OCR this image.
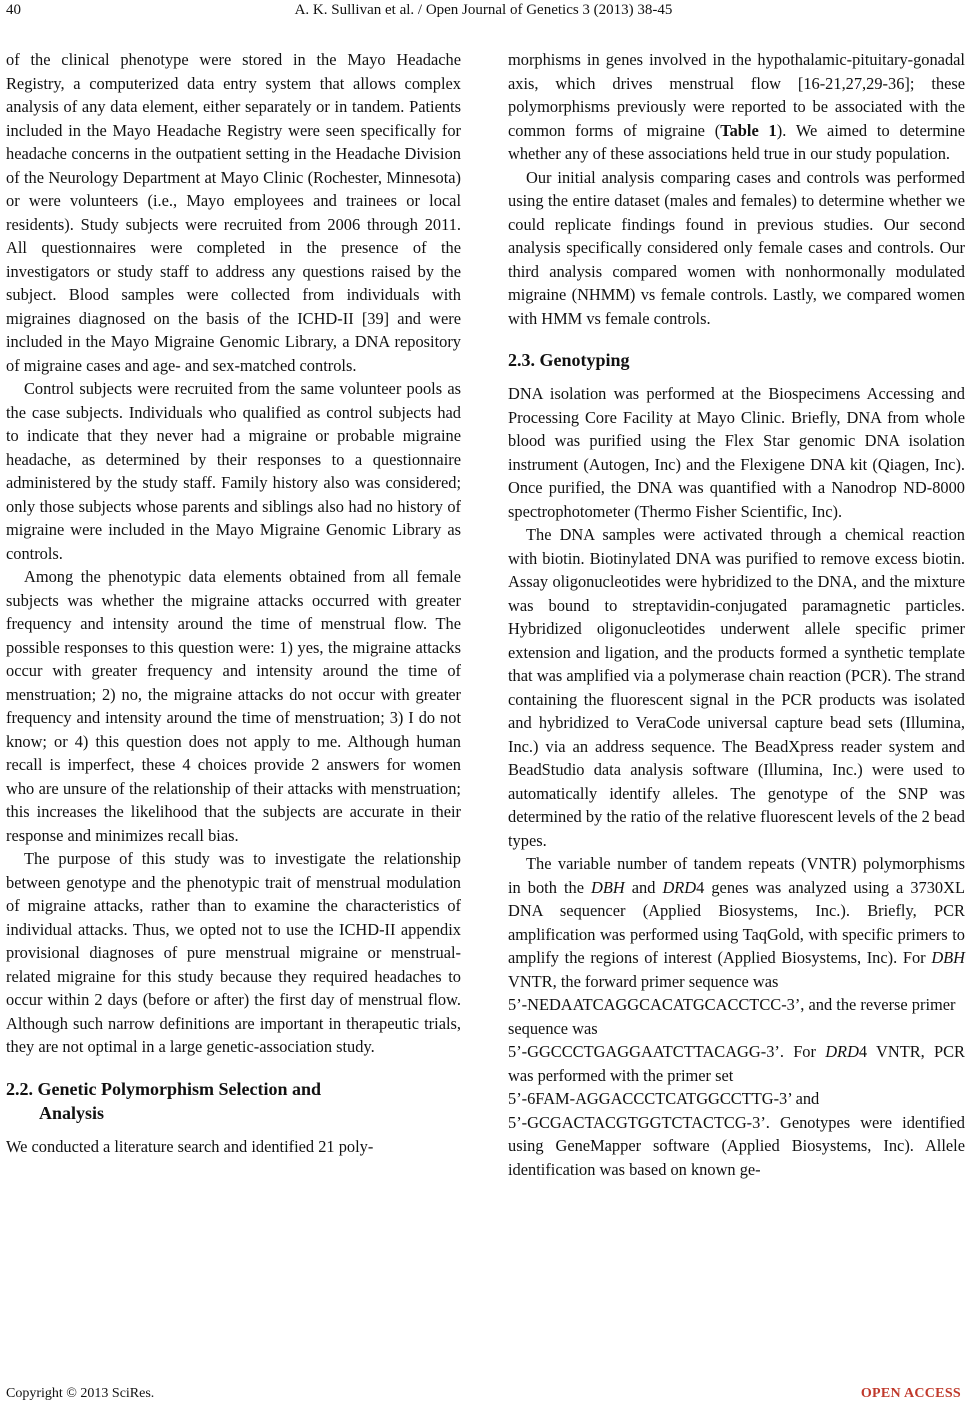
40	A. K. Sullivan et al. / Open Journal of Genetics 3 (2013) 38-45

of the clinical phenotype were stored in the Mayo Headache Registry, a computerized data entry system that allows complex analysis of any data element, either separately or in tandem. Patients included in the Mayo Headache Registry were seen specifically for headache concerns in the outpatient setting in the Headache Division of the Neurology Department at Mayo Clinic (Rochester, Minnesota) or were volunteers (i.e., Mayo employees and trainees or local residents). Study subjects were recruited from 2006 through 2011. All questionnaires were completed in the presence of the investigators or study staff to address any questions raised by the subject. Blood samples were collected from individuals with migraines diagnosed on the basis of the ICHD-II [39] and were included in the Mayo Migraine Genomic Library, a DNA repository of migraine cases and age- and sex-matched controls.

Control subjects were recruited from the same volunteer pools as the case subjects. Individuals who qualified as control subjects had to indicate that they never had a migraine or probable migraine headache, as determined by their responses to a questionnaire administered by the study staff. Family history also was considered; only those subjects whose parents and siblings also had no history of migraine were included in the Mayo Migraine Genomic Library as controls.

Among the phenotypic data elements obtained from all female subjects was whether the migraine attacks occurred with greater frequency and intensity around the time of menstrual flow. The possible responses to this question were: 1) yes, the migraine attacks occur with greater frequency and intensity around the time of menstruation; 2) no, the migraine attacks do not occur with greater frequency and intensity around the time of menstruation; 3) I do not know; or 4) this question does not apply to me. Although human recall is imperfect, these 4 choices provide 2 answers for women who are unsure of the relationship of their attacks with menstruation; this increases the likelihood that the subjects are accurate in their response and minimizes recall bias.

The purpose of this study was to investigate the relationship between genotype and the phenotypic trait of menstrual modulation of migraine attacks, rather than to examine the characteristics of individual attacks. Thus, we opted not to use the ICHD-II appendix provisional diagnoses of pure menstrual migraine or menstrual-related migraine for this study because they required headaches to occur within 2 days (before or after) the first day of menstrual flow. Although such narrow definitions are important in therapeutic trials, they are not optimal in a large genetic-association study.

2.2. Genetic Polymorphism Selection and
Analysis

We conducted a literature search and identified 21 poly-

morphisms in genes involved in the hypothalamic-pituitary-gonadal axis, which drives menstrual flow [16-21,27,29-36]; these polymorphisms previously were reported to be associated with the common forms of migraine (Table 1). We aimed to determine whether any of these associations held true in our study population.

Our initial analysis comparing cases and controls was performed using the entire dataset (males and females) to determine whether we could replicate findings found in previous studies. Our second analysis specifically considered only female cases and controls. Our third analysis compared women with nonhormonally modulated migraine (NHMM) vs female controls. Lastly, we compared women with HMM vs female controls.

2.3. Genotyping

DNA isolation was performed at the Biospecimens Accessing and Processing Core Facility at Mayo Clinic. Briefly, DNA from whole blood was purified using the Flex Star genomic DNA isolation instrument (Autogen, Inc) and the Flexigene DNA kit (Qiagen, Inc). Once purified, the DNA was quantified with a Nanodrop ND-8000 spectrophotometer (Thermo Fisher Scientific, Inc).

The DNA samples were activated through a chemical reaction with biotin. Biotinylated DNA was purified to remove excess biotin. Assay oligonucleotides were hybridized to the DNA, and the mixture was bound to streptavidin-conjugated paramagnetic particles. Hybridized oligonucleotides underwent allele specific primer extension and ligation, and the products formed a synthetic template that was amplified via a polymerase chain reaction (PCR). The strand containing the fluorescent signal in the PCR products was isolated and hybridized to VeraCode universal capture bead sets (Illumina, Inc.) via an address sequence. The BeadXpress reader system and BeadStudio data analysis software (Illumina, Inc.) were used to automatically identify alleles. The genotype of the SNP was determined by the ratio of the relative fluorescent levels of the 2 bead types.

The variable number of tandem repeats (VNTR) polymorphisms in both the DBH and DRD4 genes was analyzed using a 3730XL DNA sequencer (Applied Biosystems, Inc.). Briefly, PCR amplification was performed using TaqGold, with specific primers to amplify the regions of interest (Applied Biosystems, Inc). For DBH VNTR, the forward primer sequence was

5’-NEDAATCAGGCACATGCACCTCC-3’, and the reverse primer sequence was

5’-GGCCCTGAGGAATCTTACAGG-3’. For DRD4 VNTR, PCR was performed with the primer set

5’-6FAM-AGGACCCTCATGGCCTTG-3’ and

5’-GCGACTACGTGGTCTACTCG-3’. Genotypes were identified using GeneMapper software (Applied Biosystems, Inc). Allele identification was based on known ge-

Copyright © 2013 SciRes.	OPEN ACCESS
